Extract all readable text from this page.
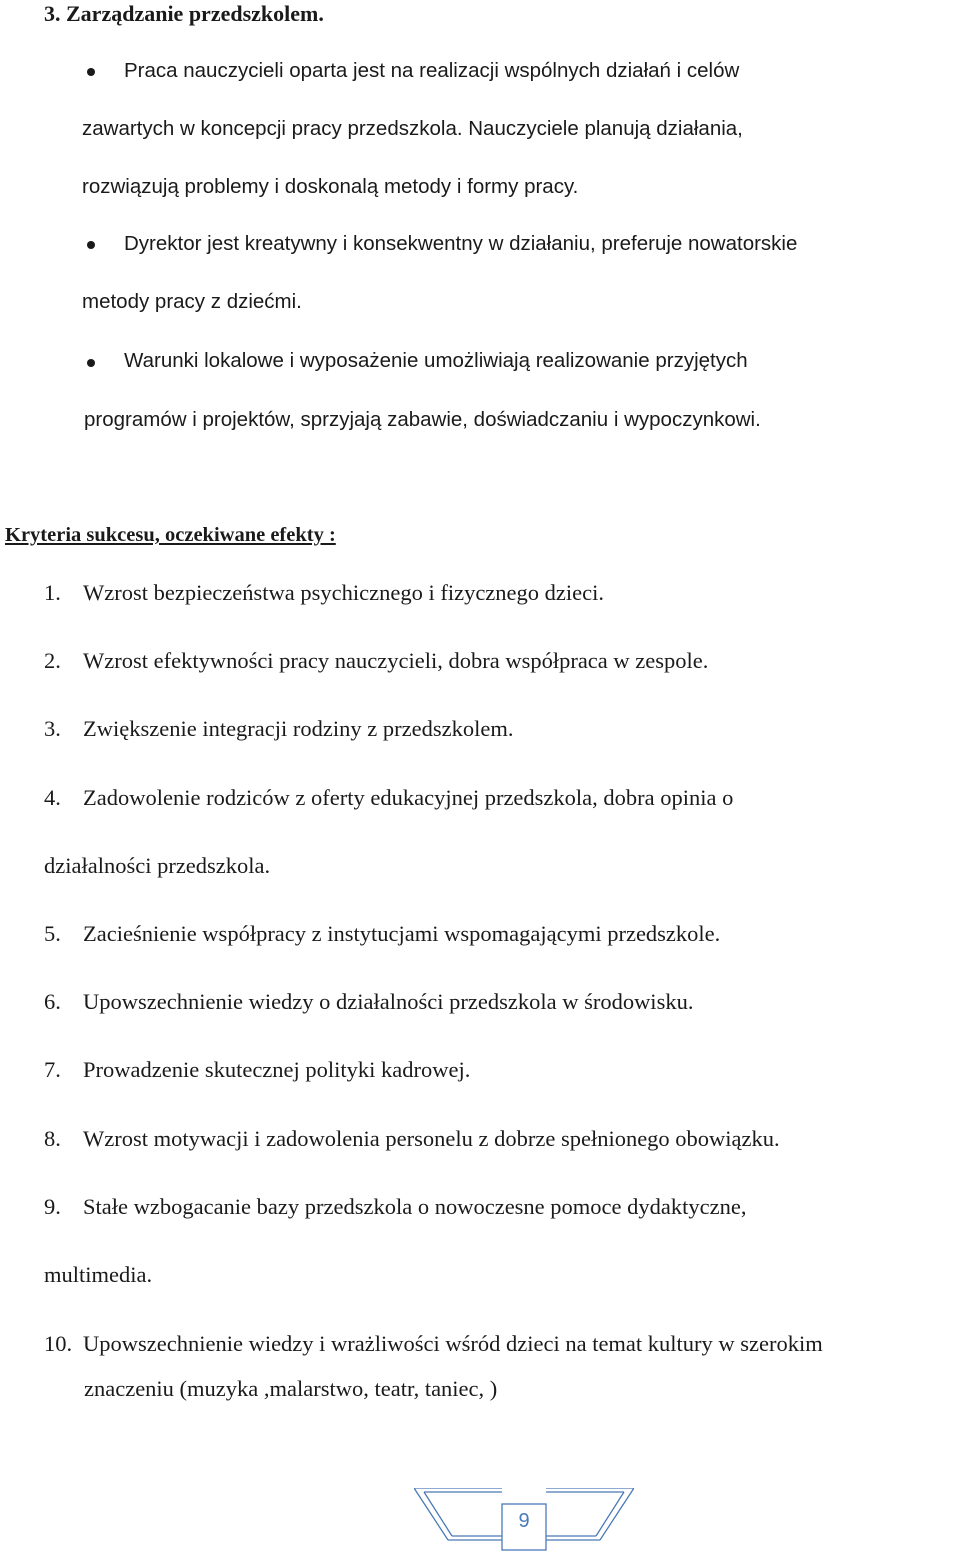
3. Zarządzanie przedszkolem.
Praca nauczycieli oparta jest na realizacji wspólnych działań i celów
zawartych w koncepcji pracy przedszkola. Nauczyciele planują działania,
rozwiązują problemy i doskonalą metody i formy pracy.
Dyrektor jest kreatywny i konsekwentny w działaniu, preferuje nowatorskie
metody pracy z dziećmi.
Warunki lokalowe i wyposażenie umożliwiają realizowanie przyjętych
programów i projektów, sprzyjają zabawie, doświadczaniu i wypoczynkowi.
Kryteria sukcesu, oczekiwane efekty :
1. Wzrost bezpieczeństwa psychicznego i fizycznego dzieci.
2. Wzrost efektywności pracy nauczycieli, dobra współpraca w zespole.
3. Zwiększenie integracji rodziny z przedszkolem.
4. Zadowolenie rodziców z oferty edukacyjnej przedszkola, dobra opinia o
działalności przedszkola.
5. Zacieśnienie współpracy z instytucjami wspomagającymi przedszkole.
6. Upowszechnienie wiedzy o działalności przedszkola w środowisku.
7. Prowadzenie skutecznej polityki kadrowej.
8. Wzrost motywacji i zadowolenia personelu z dobrze spełnionego obowiązku.
9. Stałe wzbogacanie bazy przedszkola o nowoczesne pomoce dydaktyczne,
multimedia.
10. Upowszechnienie wiedzy i wrażliwości wśród dzieci na temat kultury w szerokim
znaczeniu (muzyka ,malarstwo, teatr, taniec, )
9
